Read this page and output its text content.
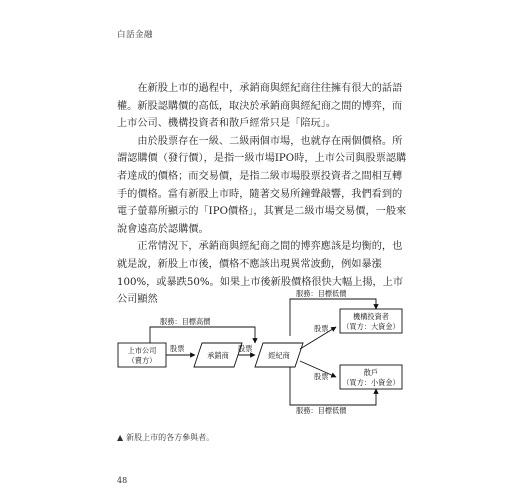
白話金融

在新股上市的過程中，承銷商與經紀商往往擁有很大的話語權。新股認購價的高低，取決於承銷商與經紀商之間的博弈，而上市公司、機構投資者和散戶經常只是「陪玩」。

由於股票存在一級、二級兩個市場，也就存在兩個價格。所謂認購價（發行價），是指一級市場IPO時，上市公司與股票認購者達成的價格；而交易價，是指二級市場股票投資者之間相互轉手的價格。當有新股上市時，隨著交易所鐘聲敲響，我們看到的電子螢幕所顯示的「IPO價格」，其實是二級市場交易價，一般來說會遠高於認購價。

正常情況下，承銷商與經紀商之間的博弈應該是均衡的，也就是說，新股上市後，價格不應該出現異常波動，例如暴漲100%，或暴跌50%。如果上市後新股價格很快大幅上揚，上市公司顯然

服務：目標低價
服務：目標低價
服務：目標高價
上市公司
（賣方）
股票
承銷商
股票
經紀商
股票
股票
機構投資者
（買方：大資金）
散戶
（買方：小資金）
▲ 新股上市的各方參與者。
48
